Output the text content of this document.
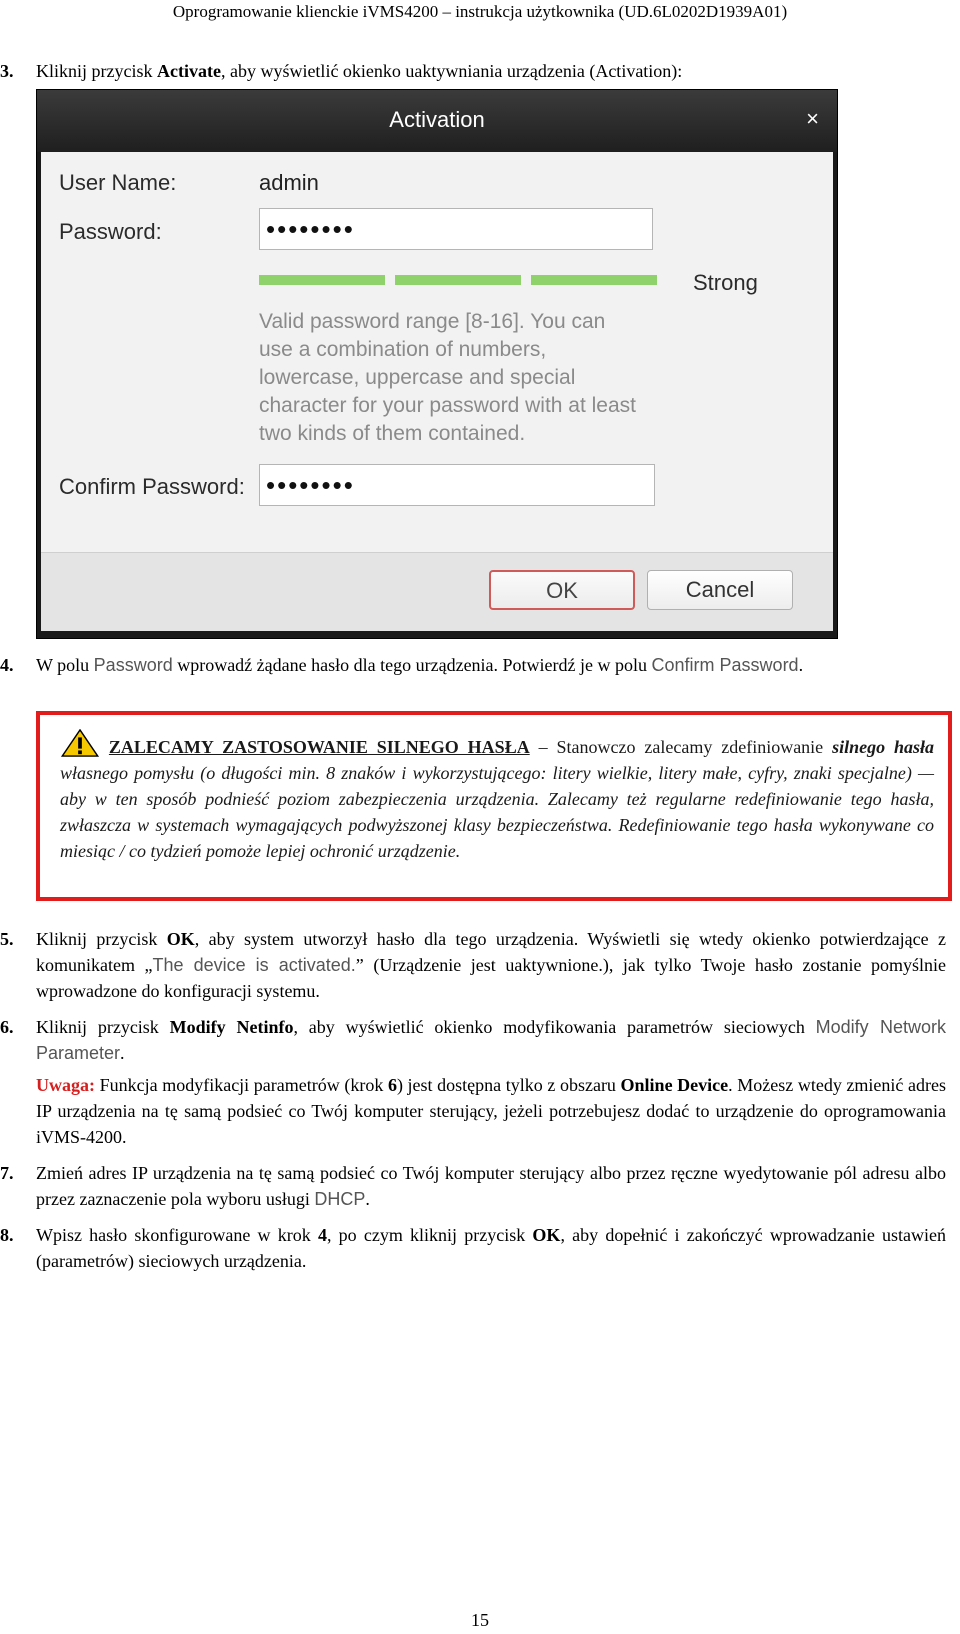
Oprogramowanie klienckie iVMS4200 – instrukcja użytkownika (UD.6L0202D1939A01)
3. Kliknij przycisk Activate, aby wyświetlić okienko uaktywniania urządzenia (Activation):
Activation	×
User Name:	admin
Password:	••••••••
Strong
Valid password range [8-16]. You can
use a combination of numbers,
lowercase, uppercase and special
character for your password with at least
two kinds of them contained.
Confirm Password: ••••••••
OK	Cancel
4. W polu Password wprowadź żądane hasło dla tego urządzenia. Potwierdź je w polu Confirm Password.
ZALECAMY ZASTOSOWANIE SILNEGO HASŁA – Stanowczo zalecamy zdefiniowanie silnego hasła własnego pomysłu (o długości min. 8 znaków i wykorzystującego: litery wielkie, litery małe, cyfry, znaki specjalne) — aby w ten sposób podnieść poziom zabezpieczenia urządzenia. Zalecamy też regularne redefiniowanie tego hasła, zwłaszcza w systemach wymagających podwyższonej klasy bezpieczeństwa. Redefiniowanie tego hasła wykonywane co miesiąc / co tydzień pomoże lepiej ochronić urządzenie.
5. Kliknij przycisk OK, aby system utworzył hasło dla tego urządzenia. Wyświetli się wtedy okienko potwierdzające z komunikatem „The device is activated.” (Urządzenie jest uaktywnione.), jak tylko Twoje hasło zostanie pomyślnie wprowadzone do konfiguracji systemu.
6. Kliknij przycisk Modify Netinfo, aby wyświetlić okienko modyfikowania parametrów sieciowych Modify Network Parameter.
Uwaga: Funkcja modyfikacji parametrów (krok 6) jest dostępna tylko z obszaru Online Device. Możesz wtedy zmienić adres IP urządzenia na tę samą podsieć co Twój komputer sterujący, jeżeli potrzebujesz dodać to urządzenie do oprogramowania iVMS-4200.
7. Zmień adres IP urządzenia na tę samą podsieć co Twój komputer sterujący albo przez ręczne wyedytowanie pól adresu albo przez zaznaczenie pola wyboru usługi DHCP.
8. Wpisz hasło skonfigurowane w krok 4, po czym kliknij przycisk OK, aby dopełnić i zakończyć wprowadzanie ustawień (parametrów) sieciowych urządzenia.
15
